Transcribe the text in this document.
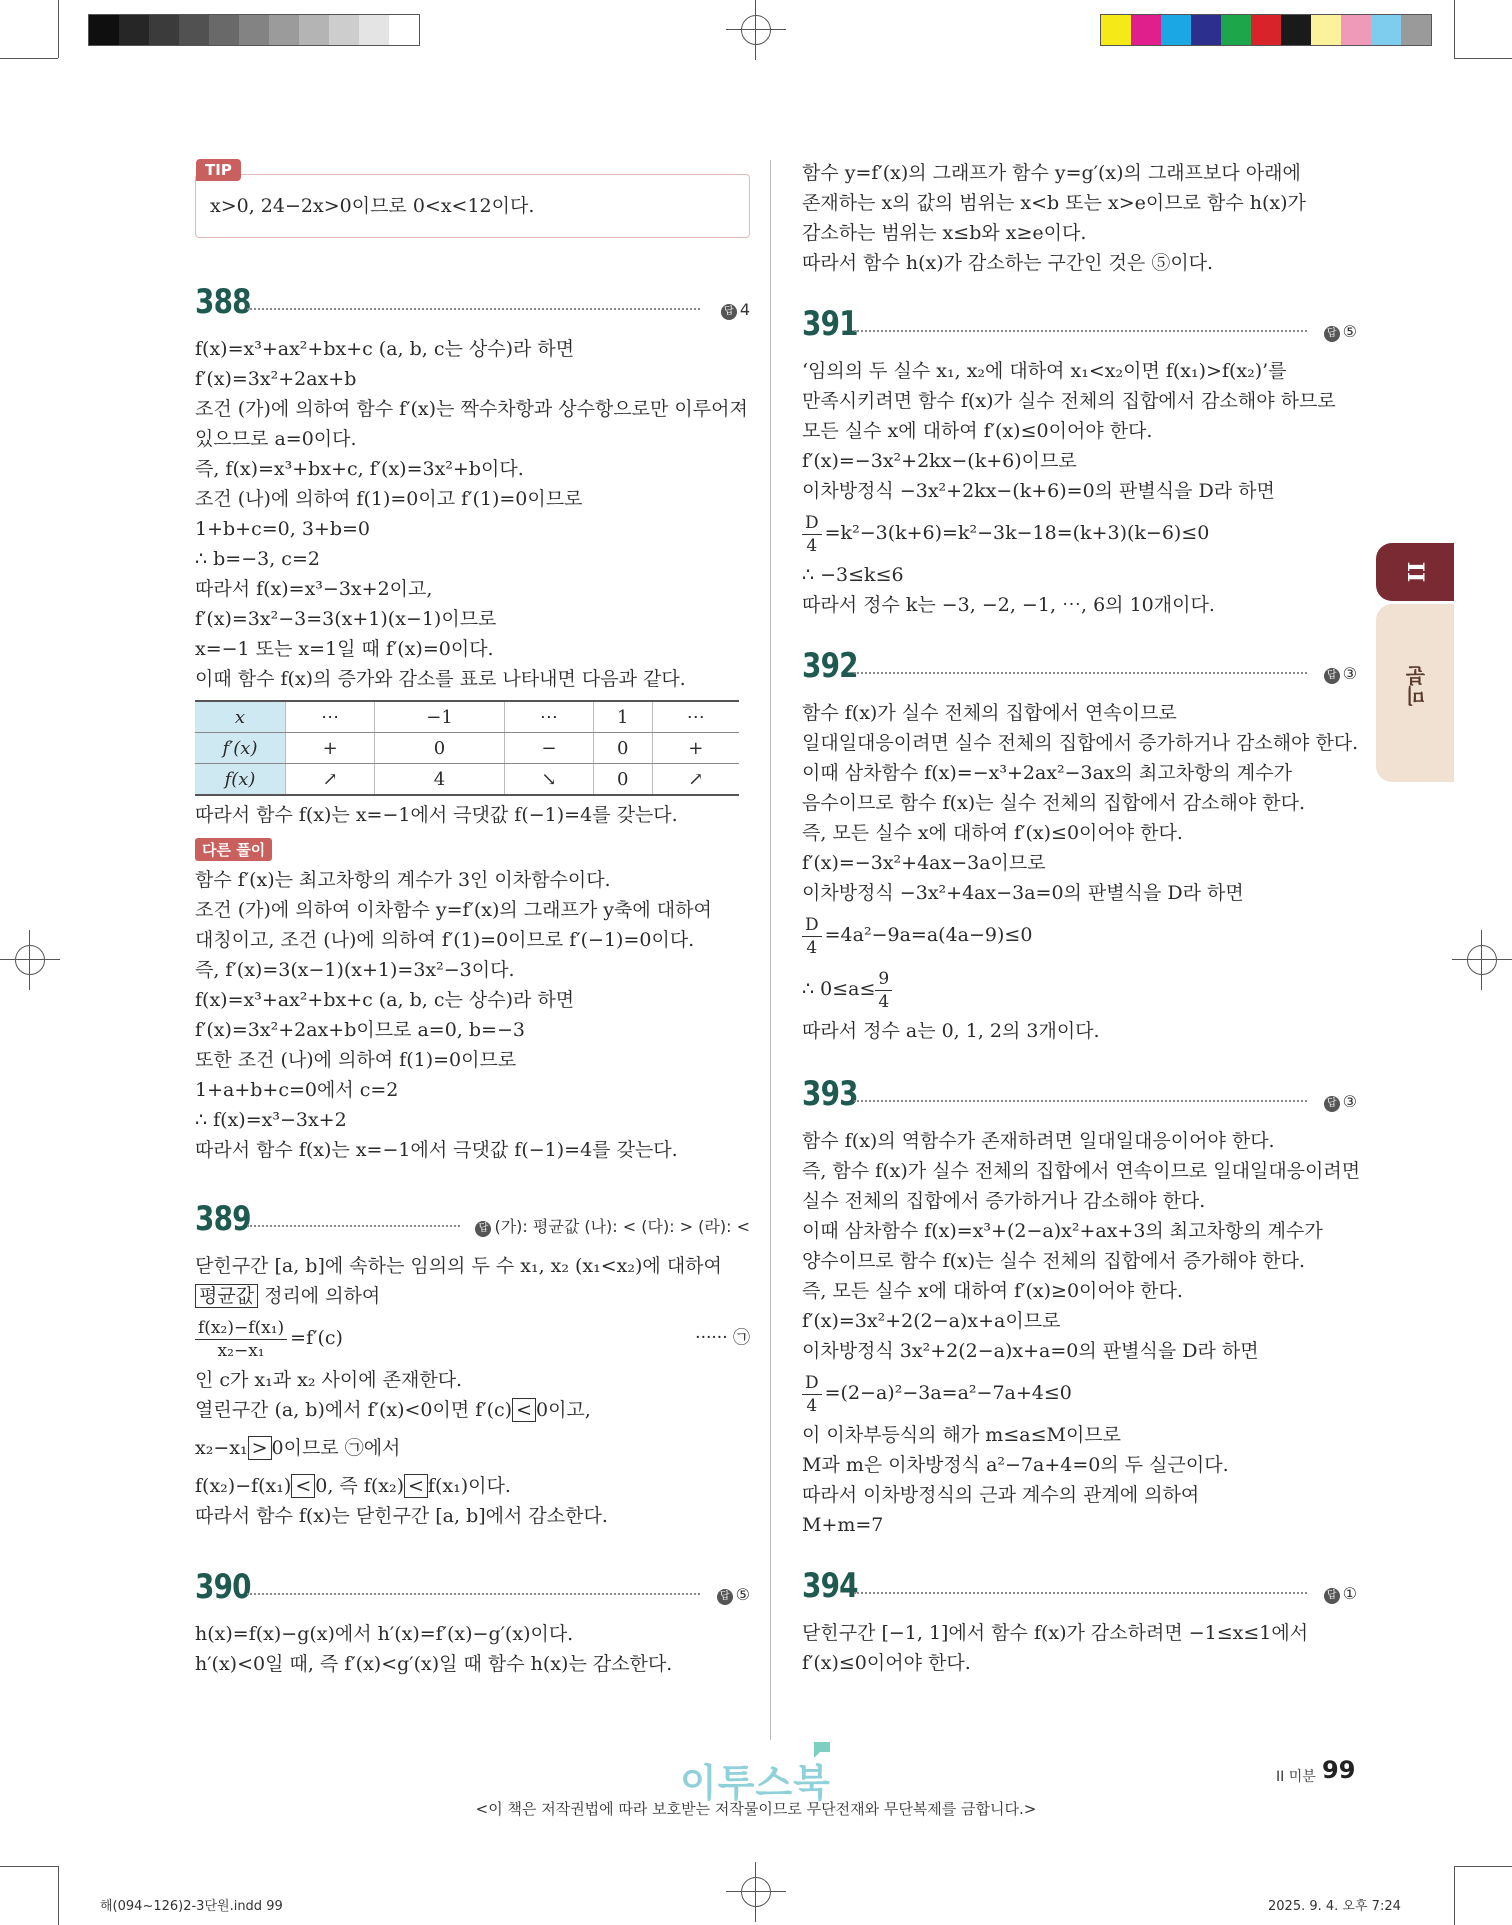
TIP
x>0, 24−2x>0이므로 0<x<12이다.
388	답 4

f(x)=x³+ax²+bx+c (a, b, c는 상수)라 하면

f′(x)=3x²+2ax+b

조건 (가)에 의하여 함수 f′(x)는 짝수차항과 상수항으로만 이루어져

있으므로 a=0이다.

즉, f(x)=x³+bx+c, f′(x)=3x²+b이다.

조건 (나)에 의하여 f(1)=0이고 f′(1)=0이므로

1+b+c=0, 3+b=0

∴ b=−3, c=2

따라서 f(x)=x³−3x+2이고,

f′(x)=3x²−3=3(x+1)(x−1)이므로

x=−1 또는 x=1일 때 f′(x)=0이다.

이때 함수 f(x)의 증가와 감소를 표로 나타내면 다음과 같다.

x	⋯	−1	⋯	1	⋯
f′(x)	+	0	−	0	+
f(x)	↗	4	↘	0	↗

따라서 함수 f(x)는 x=−1에서 극댓값 f(−1)=4를 갖는다.

다른 풀이

함수 f′(x)는 최고차항의 계수가 3인 이차함수이다.

조건 (가)에 의하여 이차함수 y=f′(x)의 그래프가 y축에 대하여

대칭이고, 조건 (나)에 의하여 f′(1)=0이므로 f′(−1)=0이다.

즉, f′(x)=3(x−1)(x+1)=3x²−3이다.

f(x)=x³+ax²+bx+c (a, b, c는 상수)라 하면

f′(x)=3x²+2ax+b이므로 a=0, b=−3

또한 조건 (나)에 의하여 f(1)=0이므로

1+a+b+c=0에서 c=2

∴ f(x)=x³−3x+2

따라서 함수 f(x)는 x=−1에서 극댓값 f(−1)=4를 갖는다.

389	답 (가): 평균값 (나): < (다): > (라): <

닫힌구간 [a, b]에 속하는 임의의 두 수 x₁, x₂ (x₁<x₂)에 대하여

평균값 정리에 의하여

$\frac{\text{f(x₂)−f(x₁)}}{\text{x₂−x₁}} =f'(c)$	······ ㉠

인 c가 x₁과 x₂ 사이에 존재한다.

열린구간 (a, b)에서 f′(x)<0이면 f′(c) < 0이고,

x₂−x₁ > 0이므로 ㉠에서

f(x₂)−f(x₁) < 0, 즉 f(x₂) < f(x₁)이다.

따라서 함수 f(x)는 닫힌구간 [a, b]에서 감소한다.

390	답 ⑤

h(x)=f(x)−g(x)에서 h′(x)=f′(x)−g′(x)이다.

h′(x)<0일 때, 즉 f′(x)<g′(x)일 때 함수 h(x)는 감소한다.

함수 y=f′(x)의 그래프가 함수 y=g′(x)의 그래프보다 아래에

존재하는 x의 값의 범위는 x<b 또는 x>e이므로 함수 h(x)가

감소하는 범위는 x≤b와 x≥e이다.

따라서 함수 h(x)가 감소하는 구간인 것은 ⑤이다.

391	답 ⑤

‘임의의 두 실수 x₁, x₂에 대하여 x₁<x₂이면 f(x₁)>f(x₂)’를

만족시키려면 함수 f(x)가 실수 전체의 집합에서 감소해야 하므로

모든 실수 x에 대하여 f′(x)≤0이어야 한다.

f′(x)=−3x²+2kx−(k+6)이므로

이차방정식 −3x²+2kx−(k+6)=0의 판별식을 D라 하면

$\frac{D}{4} =k^2-3(k+6)=k^2-3k-18=(k+3)(k-6)\le 0$

∴ −3≤k≤6

따라서 정수 k는 −3, −2, −1, ⋯, 6의 10개이다.

392	답 ③

함수 f(x)가 실수 전체의 집합에서 연속이므로

일대일대응이려면 실수 전체의 집합에서 증가하거나 감소해야 한다.

이때 삼차함수 f(x)=−x³+2ax²−3ax의 최고차항의 계수가

음수이므로 함수 f(x)는 실수 전체의 집합에서 감소해야 한다.

즉, 모든 실수 x에 대하여 f′(x)≤0이어야 한다.

f′(x)=−3x²+4ax−3a이므로

이차방정식 −3x²+4ax−3a=0의 판별식을 D라 하면

$\frac{D}{4} =4a^2-9a=a(4a-9)\le 0$
∴ $0\le a\le \frac{9}{4}$

따라서 정수 a는 0, 1, 2의 3개이다.

393	답 ③

함수 f(x)의 역함수가 존재하려면 일대일대응이어야 한다.

즉, 함수 f(x)가 실수 전체의 집합에서 연속이므로 일대일대응이려면

실수 전체의 집합에서 증가하거나 감소해야 한다.

이때 삼차함수 f(x)=x³+(2−a)x²+ax+3의 최고차항의 계수가

양수이므로 함수 f(x)는 실수 전체의 집합에서 증가해야 한다.

즉, 모든 실수 x에 대하여 f′(x)≥0이어야 한다.

f′(x)=3x²+2(2−a)x+a이므로

이차방정식 3x²+2(2−a)x+a=0의 판별식을 D라 하면

$\frac{D}{4} =(2-a)^2-3a=a^2-7a+4\le 0$

이 이차부등식의 해가 m≤a≤M이므로

M과 m은 이차방정식 a²−7a+4=0의 두 실근이다.

따라서 이차방정식의 근과 계수의 관계에 의하여

M+m=7

394	답 ①

닫힌구간 [−1, 1]에서 함수 f(x)가 감소하려면 −1≤x≤1에서

f′(x)≤0이어야 한다.

II
미분
이투스북	II 미분 99
<이 책은 저작권법에 따라 보호받는 저작물이므로 무단전재와 무단복제를 금합니다.>
해(094~126)2-3단원.indd 99	2025. 9. 4. 오후 7:24
